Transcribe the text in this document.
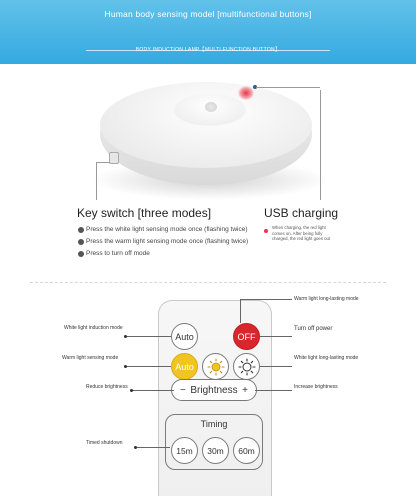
Human body sensing model [multifunctional buttons]
BODY INDUCTION LAMP【MULTI FUNCTION BUTTON】
Key switch [three modes]	USB charging
Press the white light sensing mode once (flashing twice)
Press the warm light sensing mode once (flashing twice)
Press to turn off mode
When charging, the red light comes on. After being fully charged, the red light goes out
Auto	OFF
Auto
− Brightness +
Timing
15m	30m	60m
Warm light long-lasting mode
White light induction mode	Turn off power
Warm light sensing mode	White light long-lasting mode
Reduce brightness	Increase brightness
Timed shutdown
